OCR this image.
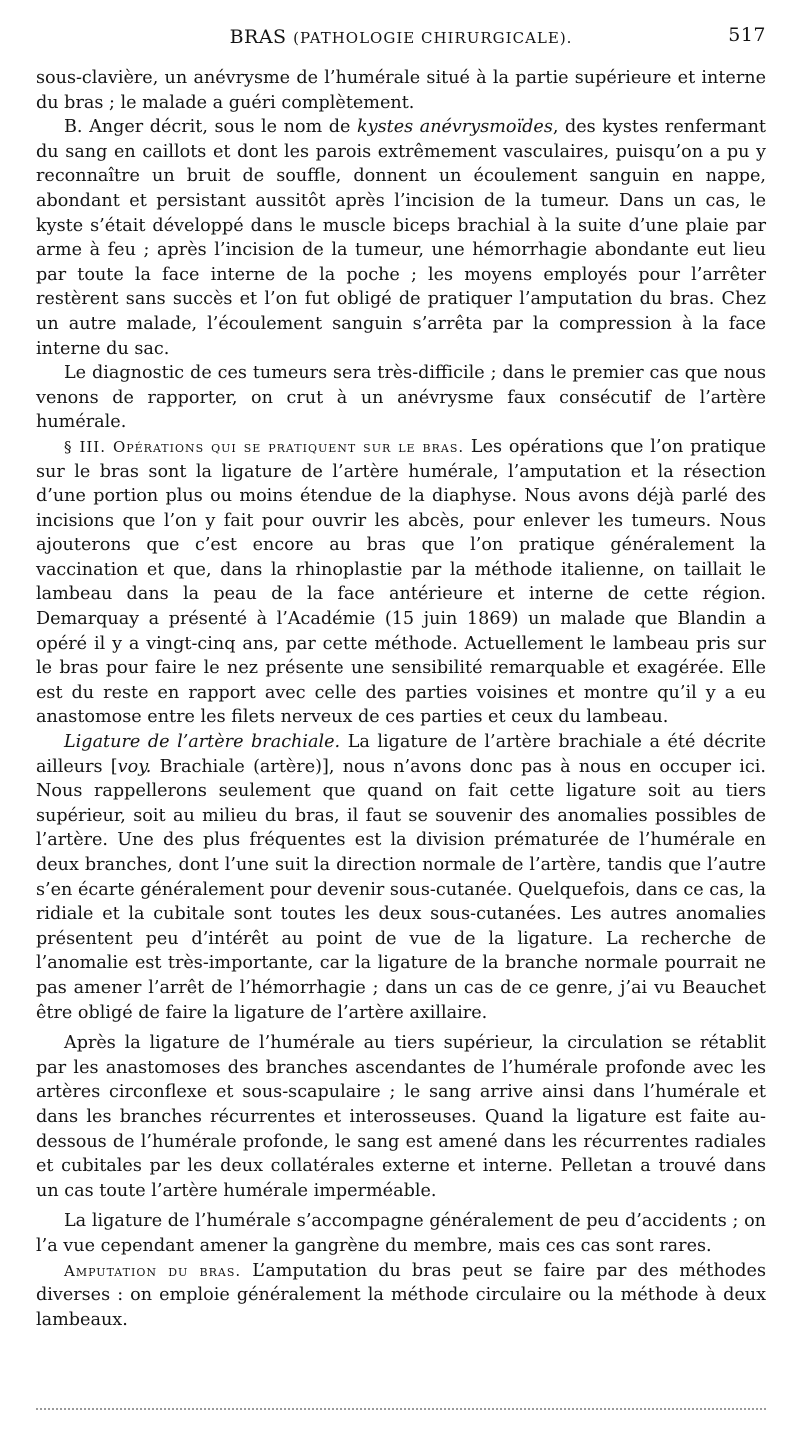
BRAS (PATHOLOGIE CHIRURGICALE).	517

sous-clavière, un anévrysme de l’humérale situé à la partie supérieure et interne du bras ; le malade a guéri complètement.

B. Anger décrit, sous le nom de kystes anévrysmoïdes, des kystes renfermant du sang en caillots et dont les parois extrêmement vasculaires, puisqu’on a pu y reconnaître un bruit de souffle, donnent un écoulement sanguin en nappe, abondant et persistant aussitôt après l’incision de la tumeur. Dans un cas, le kyste s’était développé dans le muscle biceps brachial à la suite d’une plaie par arme à feu ; après l’incision de la tumeur, une hémorrhagie abondante eut lieu par toute la face interne de la poche ; les moyens employés pour l’arrêter restèrent sans succès et l’on fut obligé de pratiquer l’amputation du bras. Chez un autre malade, l’écoulement sanguin s’arrêta par la compression à la face interne du sac.

Le diagnostic de ces tumeurs sera très-difficile ; dans le premier cas que nous venons de rapporter, on crut à un anévrysme faux consécutif de l’artère humérale.

§ III. Opérations qui se pratiquent sur le bras. Les opérations que l’on pratique sur le bras sont la ligature de l’artère humérale, l’amputation et la résection d’une portion plus ou moins étendue de la diaphyse. Nous avons déjà parlé des incisions que l’on y fait pour ouvrir les abcès, pour enlever les tumeurs. Nous ajouterons que c’est encore au bras que l’on pratique généralement la vaccination et que, dans la rhinoplastie par la méthode italienne, on taillait le lambeau dans la peau de la face antérieure et interne de cette région. Demarquay a présenté à l’Académie (15 juin 1869) un malade que Blandin a opéré il y a vingt-cinq ans, par cette méthode. Actuellement le lambeau pris sur le bras pour faire le nez présente une sensibilité remarquable et exagérée. Elle est du reste en rapport avec celle des parties voisines et montre qu’il y a eu anastomose entre les filets nerveux de ces parties et ceux du lambeau.

Ligature de l’artère brachiale. La ligature de l’artère brachiale a été décrite ailleurs [voy. Brachiale (artère)], nous n’avons donc pas à nous en occuper ici. Nous rappellerons seulement que quand on fait cette ligature soit au tiers supérieur, soit au milieu du bras, il faut se souvenir des anomalies possibles de l’artère. Une des plus fréquentes est la division prématurée de l’humérale en deux branches, dont l’une suit la direction normale de l’artère, tandis que l’autre s’en écarte généralement pour devenir sous-cutanée. Quelquefois, dans ce cas, la ridiale et la cubitale sont toutes les deux sous-cutanées. Les autres anomalies présentent peu d’intérêt au point de vue de la ligature. La recherche de l’anomalie est très-importante, car la ligature de la branche normale pourrait ne pas amener l’arrêt de l’hémorrhagie ; dans un cas de ce genre, j’ai vu Beauchet être obligé de faire la ligature de l’artère axillaire.

Après la ligature de l’humérale au tiers supérieur, la circulation se rétablit par les anastomoses des branches ascendantes de l’humérale profonde avec les artères circonflexe et sous-scapulaire ; le sang arrive ainsi dans l’humérale et dans les branches récurrentes et interosseuses. Quand la ligature est faite au-dessous de l’humérale profonde, le sang est amené dans les récurrentes radiales et cubitales par les deux collatérales externe et interne. Pelletan a trouvé dans un cas toute l’artère humérale imperméable.

La ligature de l’humérale s’accompagne généralement de peu d’accidents ; on l’a vue cependant amener la gangrène du membre, mais ces cas sont rares.

Amputation du bras. L’amputation du bras peut se faire par des méthodes diverses : on emploie généralement la méthode circulaire ou la méthode à deux lambeaux.
